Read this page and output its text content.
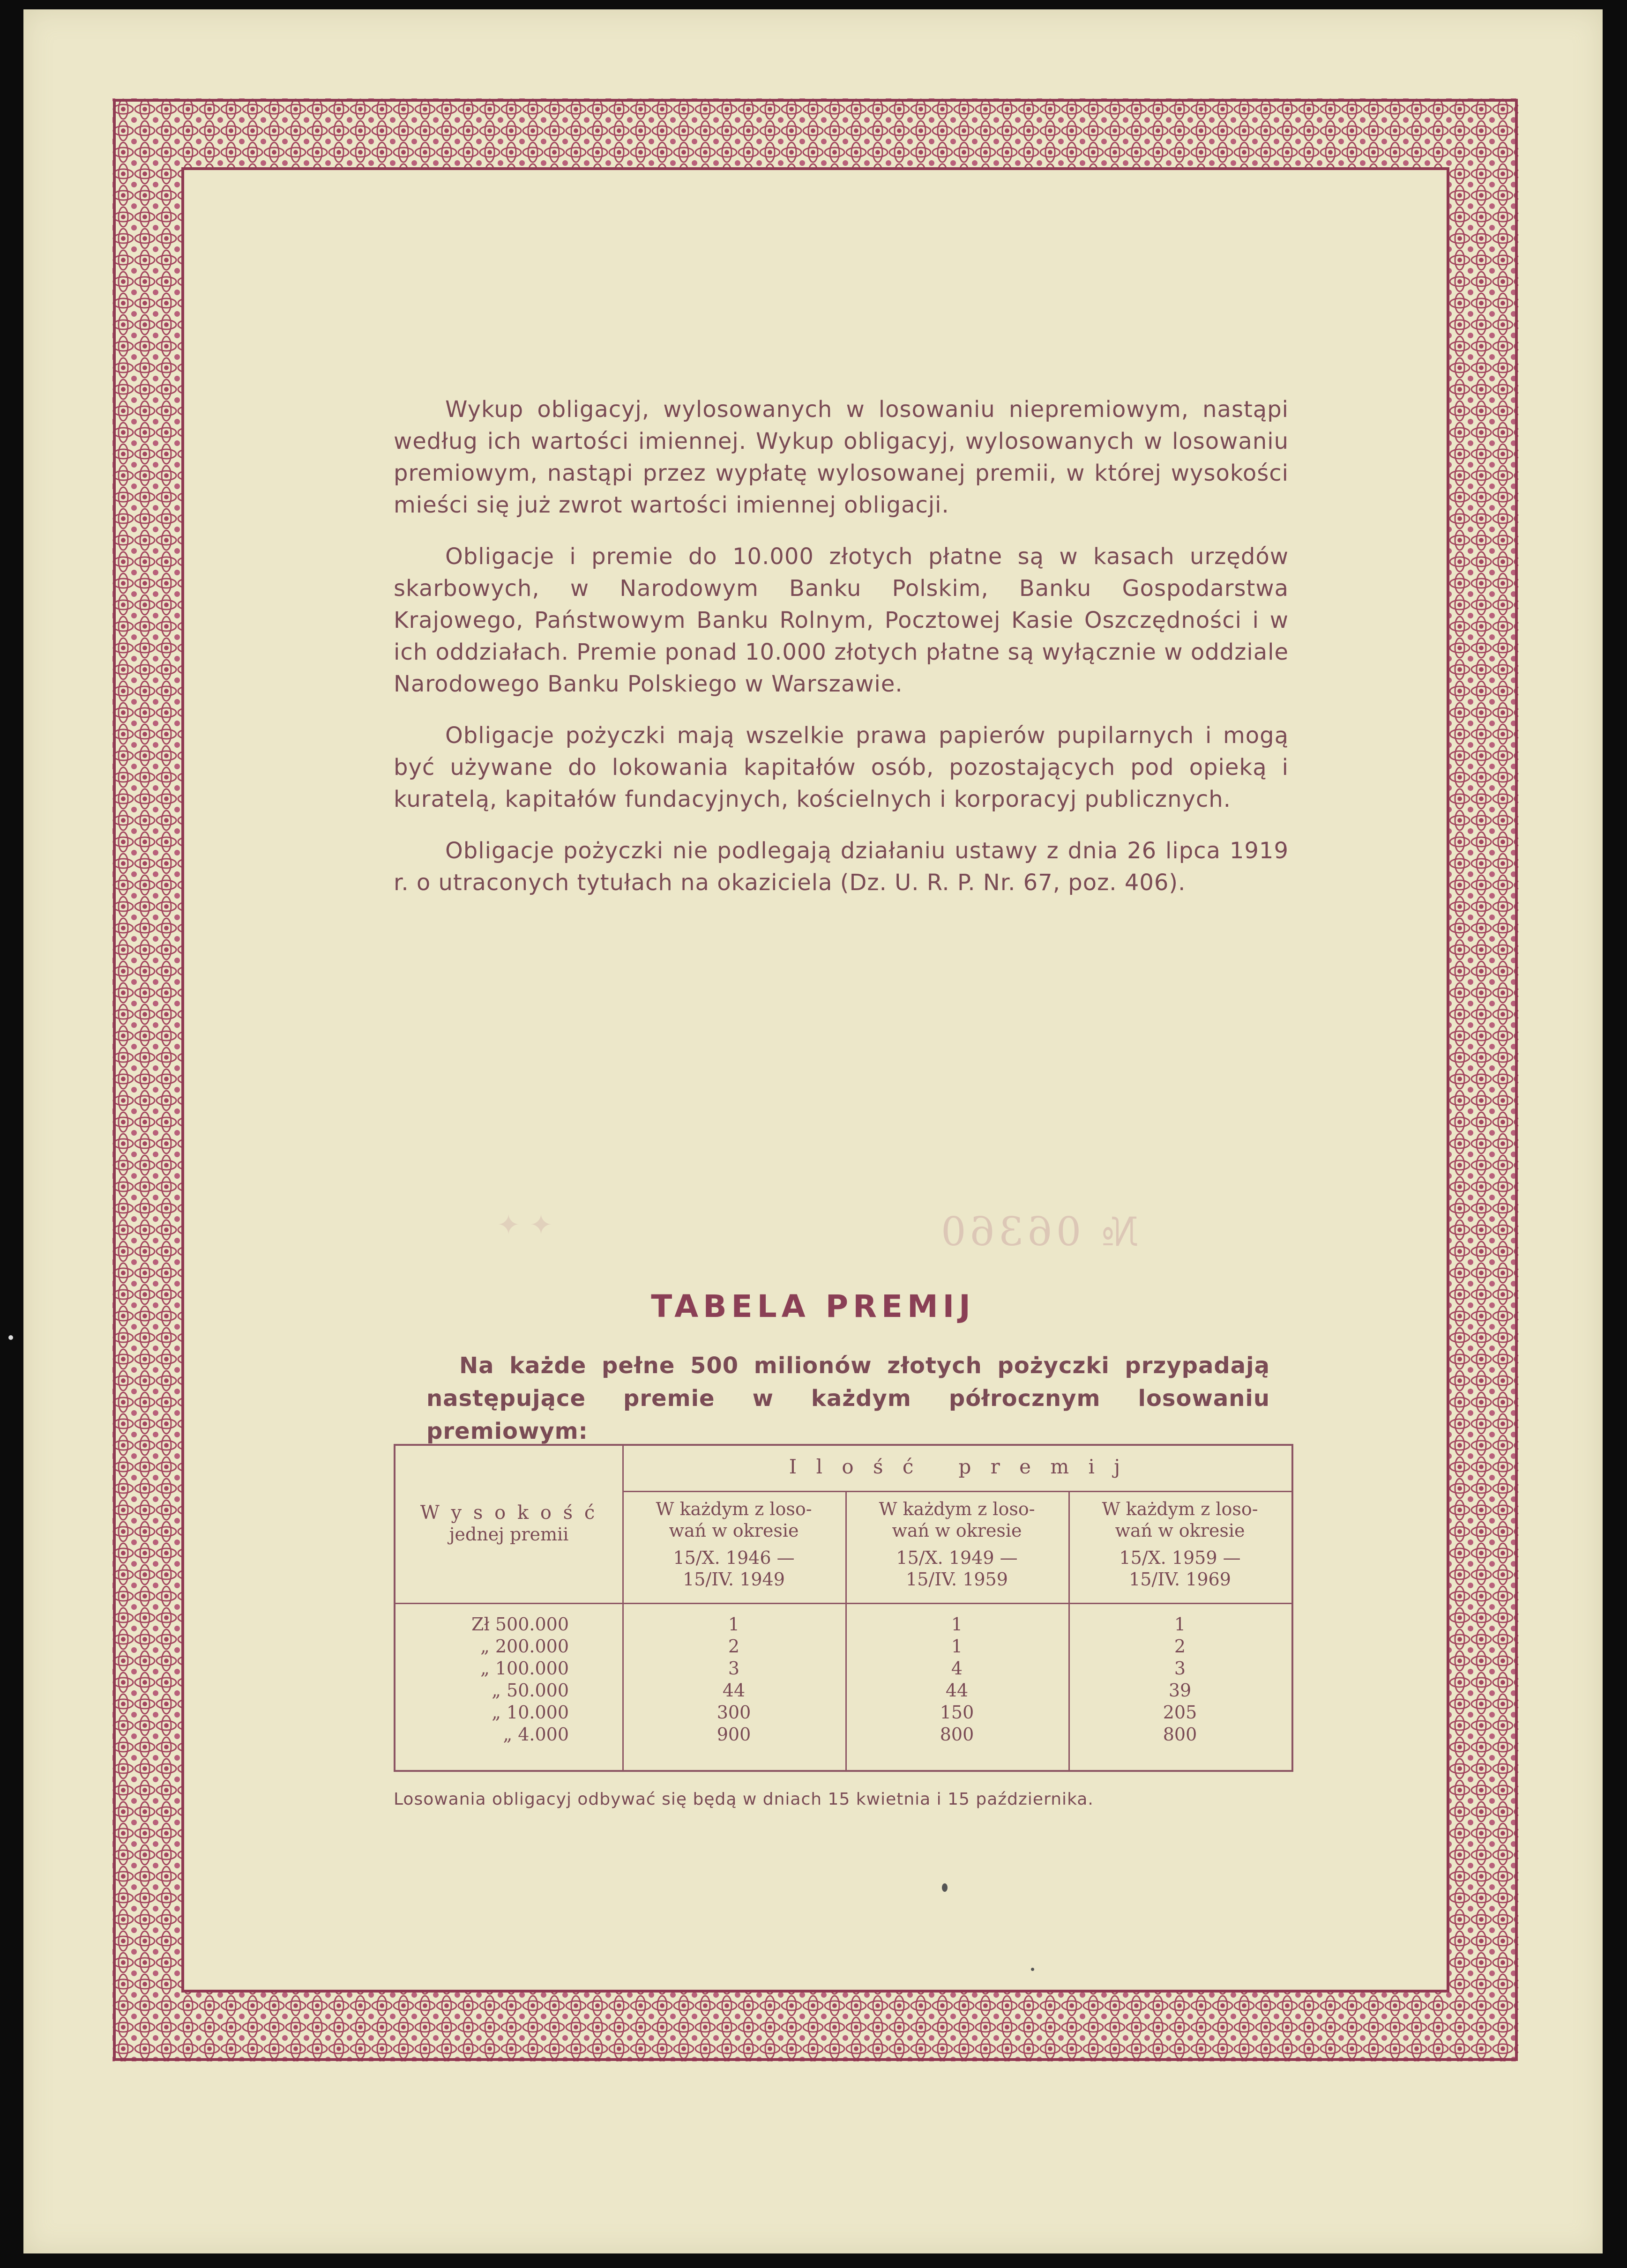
✦ ✦	№ 06360

Wykup obligacyj, wylosowanych w losowaniu niepremiowym, nastąpi według ich wartości imiennej. Wykup obligacyj, wylosowanych w losowaniu premiowym, nastąpi przez wypłatę wylosowanej premii, w której wysokości mieści się już zwrot wartości imiennej obligacji.

Obligacje i premie do 10.000 złotych płatne są w kasach urzędów skarbowych, w Narodowym Banku Polskim, Banku Gospodarstwa Krajowego, Państwowym Banku Rolnym, Pocztowej Kasie Oszczędności i w ich oddziałach. Premie ponad 10.000 złotych płatne są wyłącznie w oddziale Narodowego Banku Polskiego w Warszawie.

Obligacje pożyczki mają wszelkie prawa papierów pupilarnych i mogą być używane do lokowania kapitałów osób, pozostających pod opieką i kuratelą, kapitałów fundacyjnych, kościelnych i korporacyj publicznych.

Obligacje pożyczki nie podlegają działaniu ustawy z dnia 26 lipca 1919 r. o utraconych tytułach na okaziciela (Dz. U. R. P. Nr. 67, poz. 406).

TABELA PREMIJ
Na każde pełne 500 milionów złotych pożyczki przypadają następujące premie w każdym półrocznym losowaniu premiowym:
I l o ś ć   p r e m i j
W y s o k o ś ć
jednej premii
W każdym z loso-
wań w okresie
15/X. 1946 —
15/IV. 1949
W każdym z loso-
wań w okresie
15/X. 1949 —
15/IV. 1959
W każdym z loso-
wań w okresie
15/X. 1959 —
15/IV. 1969
Zł 500.000
„ 200.000
„ 100.000
„ 50.000
„ 10.000
„ 4.000
1
2
3
44
300
900
1
1
4
44
150
800
1
2
3
39
205
800
Losowania obligacyj odbywać się będą w dniach 15 kwietnia i 15 października.
